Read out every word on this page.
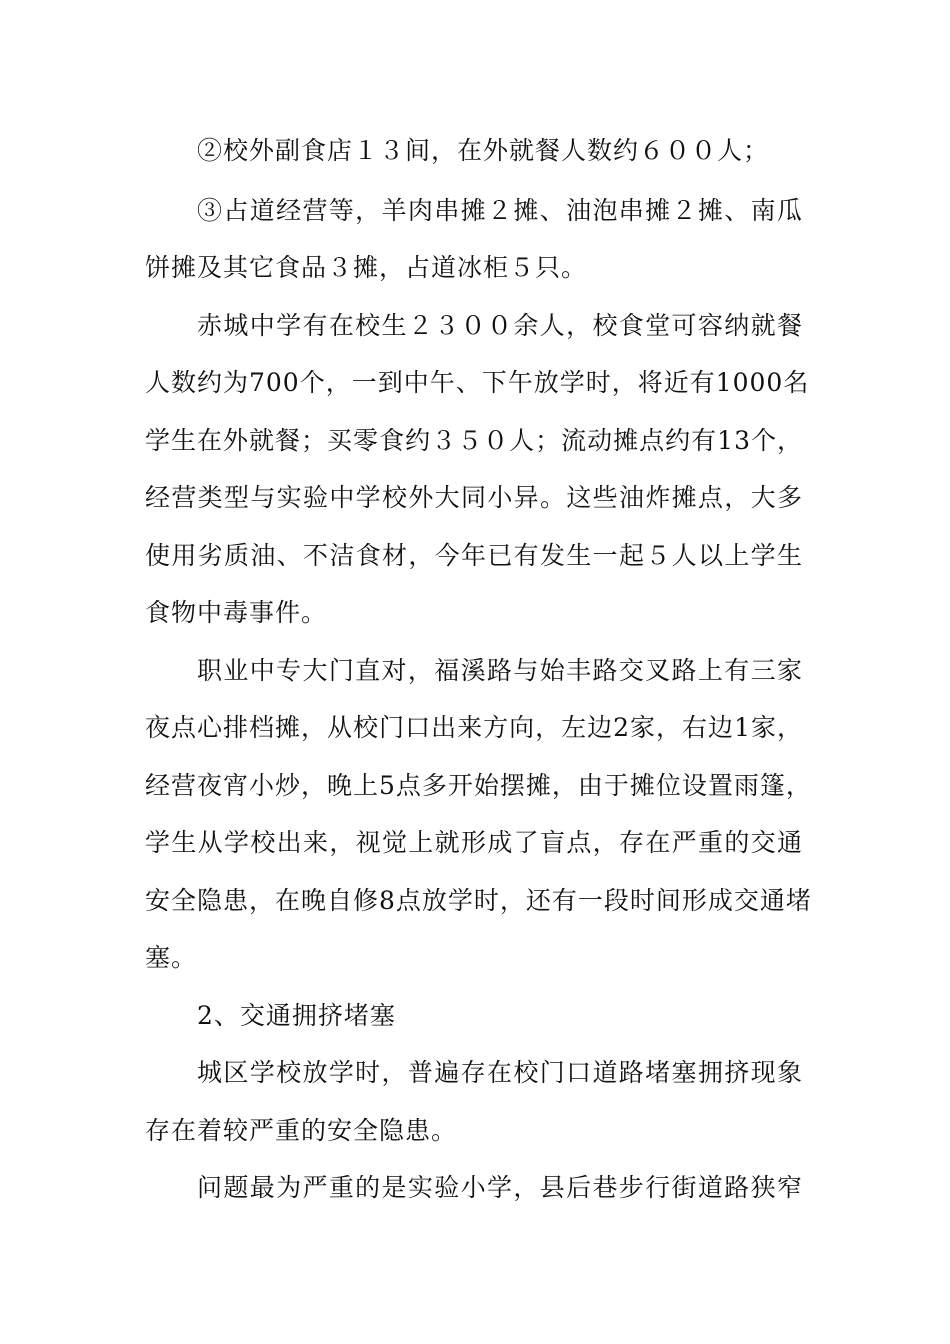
②校外副食店１３间，在外就餐人数约６００人；
③占道经营等，羊肉串摊２摊、油泡串摊２摊、南瓜
饼摊及其它食品３摊，占道冰柜５只。
赤城中学有在校生２３００余人，校食堂可容纳就餐
人数约为700个，一到中午、下午放学时，将近有1000名
学生在外就餐；买零食约３５０人；流动摊点约有13个，
经营类型与实验中学校外大同小异。这些油炸摊点，大多
使用劣质油、不洁食材，今年已有发生一起５人以上学生
食物中毒事件。
职业中专大门直对，福溪路与始丰路交叉路上有三家
夜点心排档摊，从校门口出来方向，左边2家，右边1家，
经营夜宵小炒，晚上5点多开始摆摊，由于摊位设置雨篷，
学生从学校出来，视觉上就形成了盲点，存在严重的交通
安全隐患，在晚自修8点放学时，还有一段时间形成交通堵
塞。
2、交通拥挤堵塞
城区学校放学时，普遍存在校门口道路堵塞拥挤现象
存在着较严重的安全隐患。
问题最为严重的是实验小学，县后巷步行街道路狭窄
